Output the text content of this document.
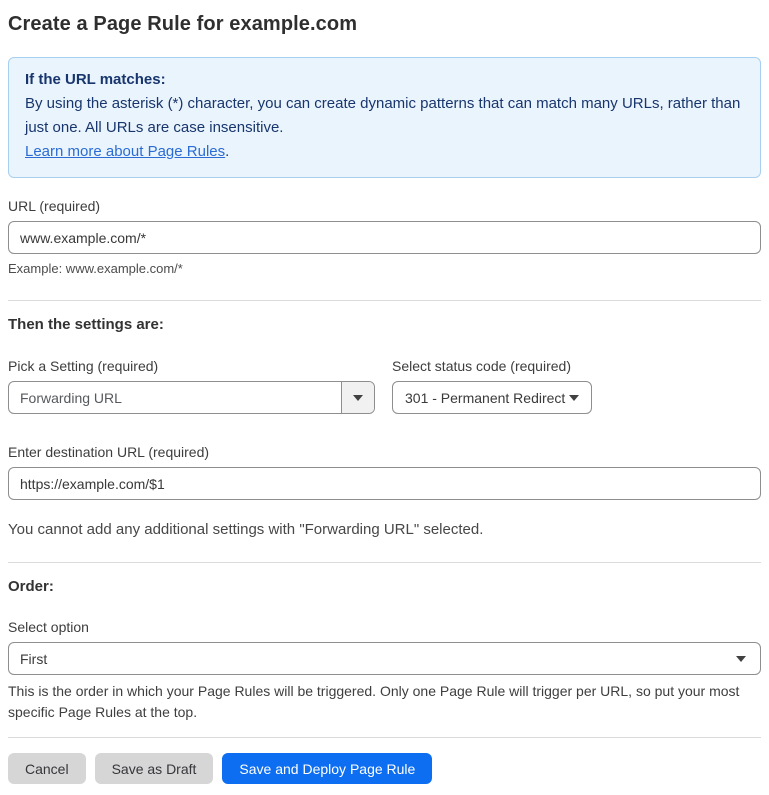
Create a Page Rule for example.com
If the URL matches:
By using the asterisk (*) character, you can create dynamic patterns that can match many URLs, rather than just one. All URLs are case insensitive.
Learn more about Page Rules.
URL (required)
www.example.com/*
Example: www.example.com/*
Then the settings are:
Pick a Setting (required)
Forwarding URL
Select status code (required)
301 - Permanent Redirect
Enter destination URL (required)
https://example.com/$1

You cannot add any additional settings with "Forwarding URL" selected.

Order:
Select option
First

This is the order in which your Page Rules will be triggered. Only one Page Rule will trigger per URL, so put your most specific Page Rules at the top.

Cancel	Save as Draft	Save and Deploy Page Rule
